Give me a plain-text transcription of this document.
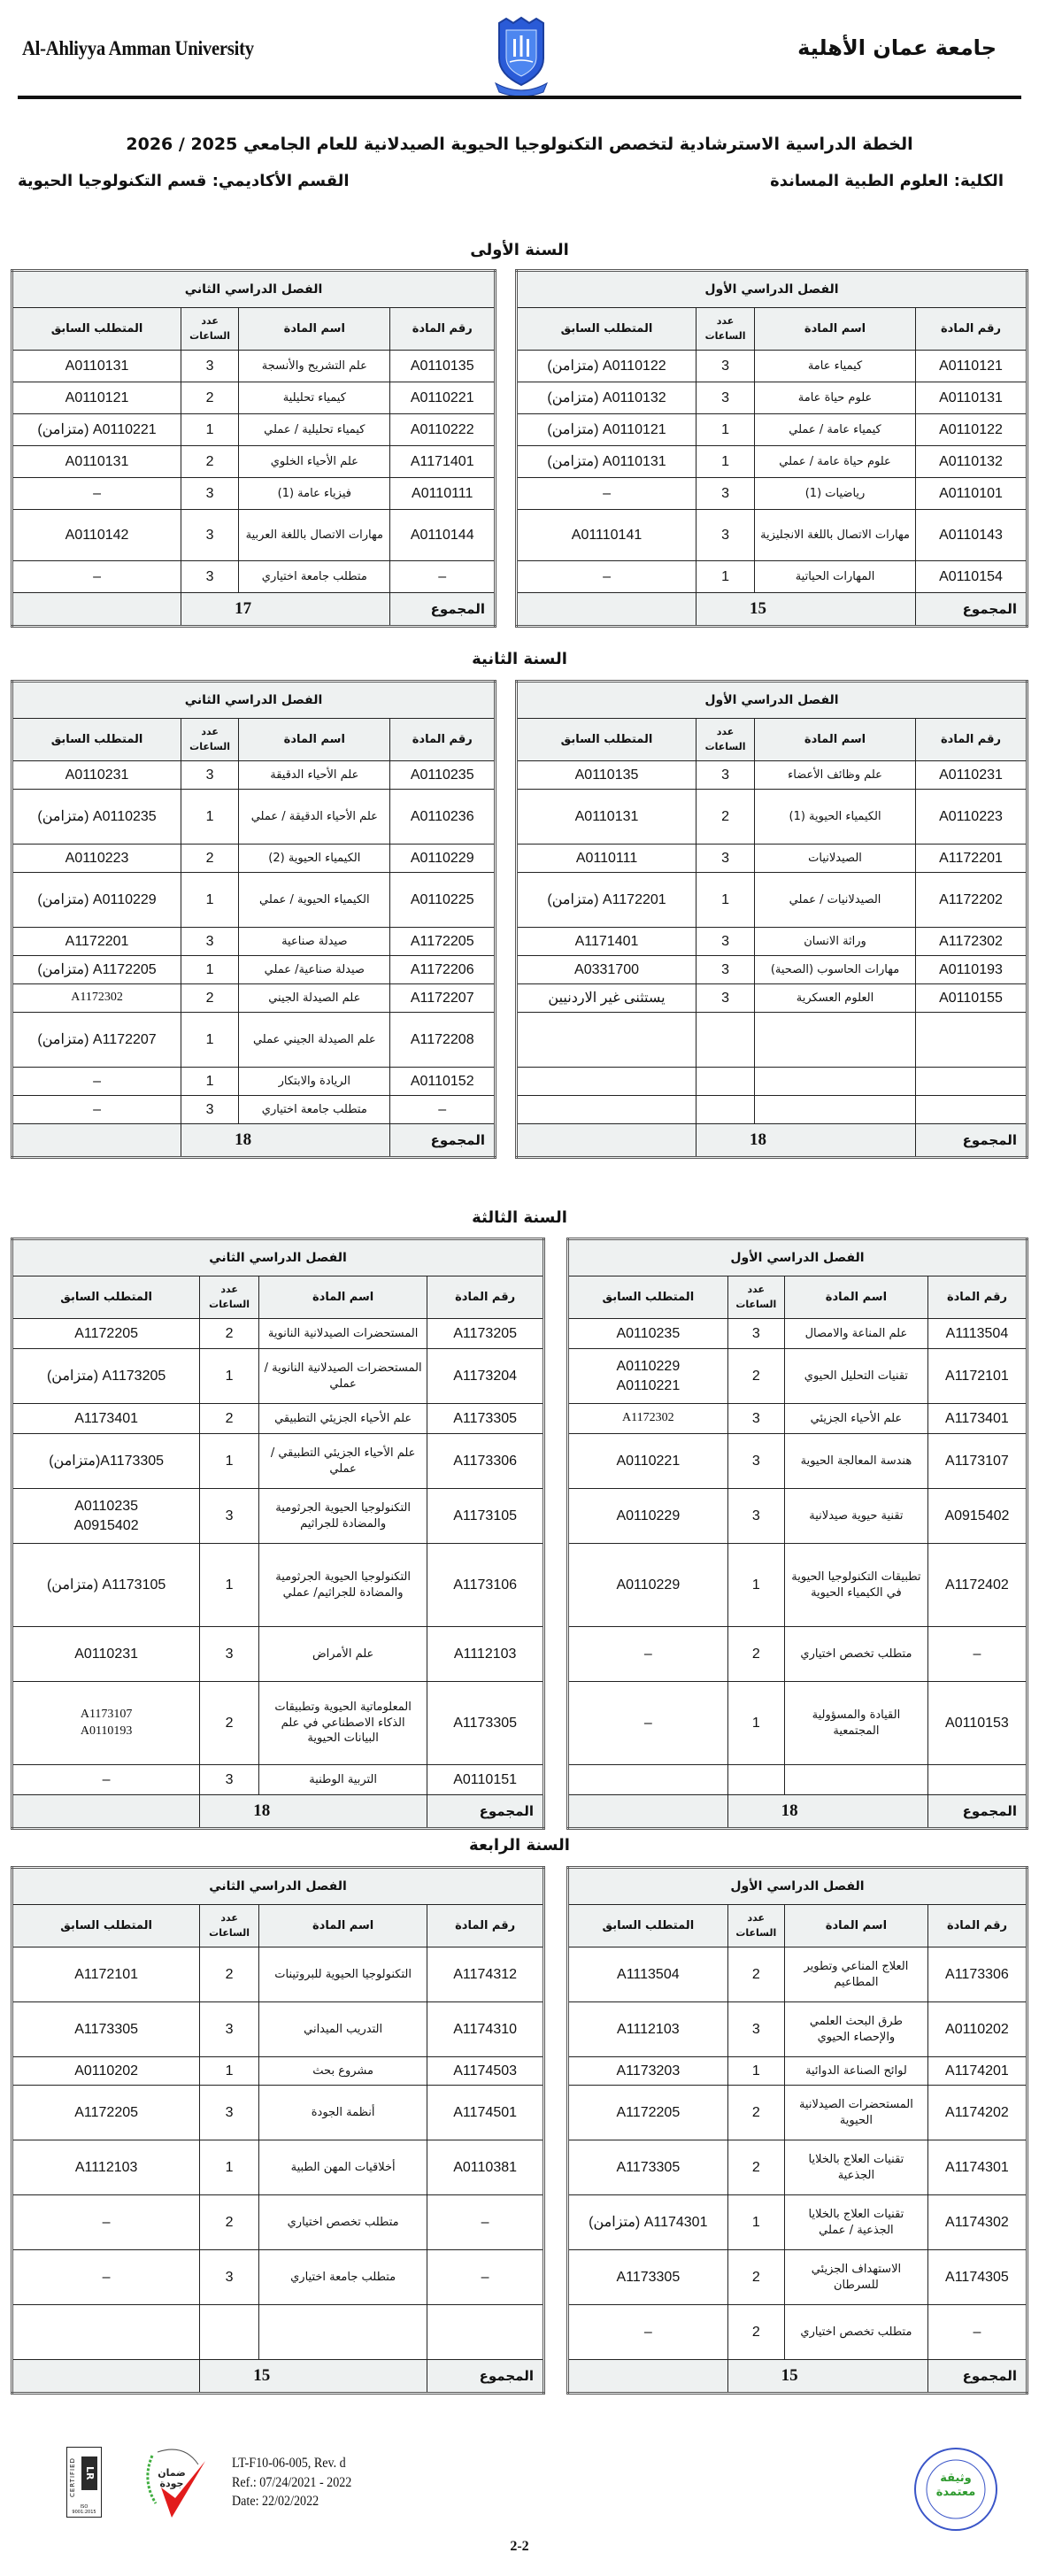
Al-Ahliyya Amman University	جامعة عمان الأهلية
الخطة الدراسية الاسترشادية لتخصص التكنولوجيا الحيوية الصيدلانية للعام الجامعي 2025 / 2026
الكلية: العلوم الطبية المساندة
القسم الأكاديمي: قسم التكنولوجيا الحيوية
السنة الأولى
السنة الثانية
السنة الثالثة
السنة الرابعة
الفصل الدراسي الأول			
رقم المادة	اسم المادة	عدد الساعات	المتطلب السابق
A0110121	كيمياء عامة	3	A0110122 (متزامن)
A0110131	علوم حياة عامة	3	A0110132 (متزامن)
A0110122	كيمياء عامة / عملي	1	A0110121 (متزامن)
A0110132	علوم حياة عامة / عملي	1	A0110131 (متزامن)
A0110101	رياضيات (1)	3	–
A0110143	مهارات الاتصال باللغة الانجليزية	3	A01110141
A0110154	المهارات الحياتية	1	–
المجموع	15		
الفصل الدراسي الثاني			
رقم المادة	اسم المادة	عدد الساعات	المتطلب السابق
A0110135	علم التشريح والأنسجة	3	A0110131
A0110221	كيمياء تحليلية	2	A0110121
A0110222	كيمياء تحليلية / عملي	1	A0110221 (متزامن)
A1171401	علم الأحياء الخلوي	2	A0110131
A0110111	فيزياء عامة (1)	3	–
A0110144	مهارات الاتصال باللغة العربية	3	A0110142
–	متطلب جامعة اختياري	3	–
المجموع	17		
الفصل الدراسي الأول			
رقم المادة	اسم المادة	عدد الساعات	المتطلب السابق
A0110231	علم وظائف الأعضاء	3	A0110135
A0110223	الكيمياء الحيوية (1)	2	A0110131
A1172201	الصيدلانيات	3	A0110111
A1172202	الصيدلانيات / عملي	1	A1172201 (متزامن)
A1172302	وراثة الانسان	3	A1171401
A0110193	مهارات الحاسوب (الصحية)	3	A0331700
A0110155	العلوم العسكرية	3	يستثنى غير الاردنيين

المجموع	18		
الفصل الدراسي الثاني			
رقم المادة	اسم المادة	عدد الساعات	المتطلب السابق
A0110235	علم الأحياء الدقيقة	3	A0110231
A0110236	علم الأحياء الدقيقة / عملي	1	A0110235 (متزامن)
A0110229	الكيمياء الحيوية (2)	2	A0110223
A0110225	الكيمياء الحيوية / عملي	1	A0110229 (متزامن)
A1172205	صيدلة صناعية	3	A1172201
A1172206	صيدلة صناعية/ عملي	1	A1172205 (متزامن)
A1172207	علم الصيدلة الجيني	2	A1172302
A1172208	علم الصيدلة الجيني عملي	1	A1172207 (متزامن)
A0110152	الريادة والابتكار	1	–
–	متطلب جامعة اختياري	3	–
المجموع	18		
الفصل الدراسي الأول			
رقم المادة	اسم المادة	عدد الساعات	المتطلب السابق
A1113504	علم المناعة والامصال	3	A0110235
A1172101	تقنيات التحليل الحيوي	2	A0110229
A0110221
A1173401	علم الأحياء الجزيئي	3	A1172302
A1173107	هندسة المعالجة الحيوية	3	A0110221
A0915402	تقنية حيوية صيدلانية	3	A0110229
A1172402	تطبيقات التكنولوجيا الحيوية في الكيمياء الحيوية	1	A0110229
–	متطلب تخصص اختياري	2	–
A0110153	القيادة والمسؤولية المجتمعية	1	–

المجموع	18		
الفصل الدراسي الثاني			
رقم المادة	اسم المادة	عدد الساعات	المتطلب السابق
A1173205	المستحضرات الصيدلانية النانوية	2	A1172205
A1173204	المستحضرات الصيدلانية النانوية / عملي	1	A1173205 (متزامن)
A1173305	علم الأحياء الجزيئي التطبيقي	2	A1173401
A1173306	علم الأحياء الجزيئي التطبيقي / عملي	1	A1173305(متزامن)
A1173105	التكنولوجيا الحيوية الجرثومية والمضادة للجراثيم	3	A0110235
A0915402
A1173106	التكنولوجيا الحيوية الجرثومية والمضادة للجراثيم/ عملي	1	A1173105 (متزامن)
A1112103	علم الأمراض	3	A0110231
A1173305	المعلوماتية الحيوية وتطبيقات الذكاء الاصطناعي في علم البيانات الحيوية	2	A1173107
A0110193
A0110151	التربية الوطنية	3	–
المجموع	18		
الفصل الدراسي الأول			
رقم المادة	اسم المادة	عدد الساعات	المتطلب السابق
A1173306	العلاج المناعي وتطوير المطاعيم	2	A1113504
A0110202	طرق البحث العلمي والإحصاء الحيوي	3	A1112103
A1174201	لوائح الصناعة الدوائية	1	A1173203
A1174202	المستحضرات الصيدلانية الحيوية	2	A1172205
A1174301	تقنيات العلاج بالخلايا الجذعية	2	A1173305
A1174302	تقنيات العلاج بالخلايا الجذعية / عملي	1	A1174301 (متزامن)
A1174305	الاستهداف الجزيئي للسرطان	2	A1173305
–	متطلب تخصص اختياري	2	–
المجموع	15		
الفصل الدراسي الثاني			
رقم المادة	اسم المادة	عدد الساعات	المتطلب السابق
A1174312	التكنولوجيا الحيوية للبروتينات	2	A1172101
A1174310	التدريب الميداني	3	A1173305
A1174503	مشروع بحث	1	A0110202
A1174501	أنظمة الجودة	3	A1172205
A0110381	أخلاقيات المهن الطبية	1	A1112103
–	متطلب تخصص اختياري	2	–
–	متطلب جامعة اختياري	3	–

المجموع	15		
CERTIFIED LR
ISO 9001:2015
ضمان جودة
LT-F10-06-005, Rev. d
Ref.: 07/24/2021 - 2022
Date: 22/02/2022
2-2
وثيقة معتمدة
